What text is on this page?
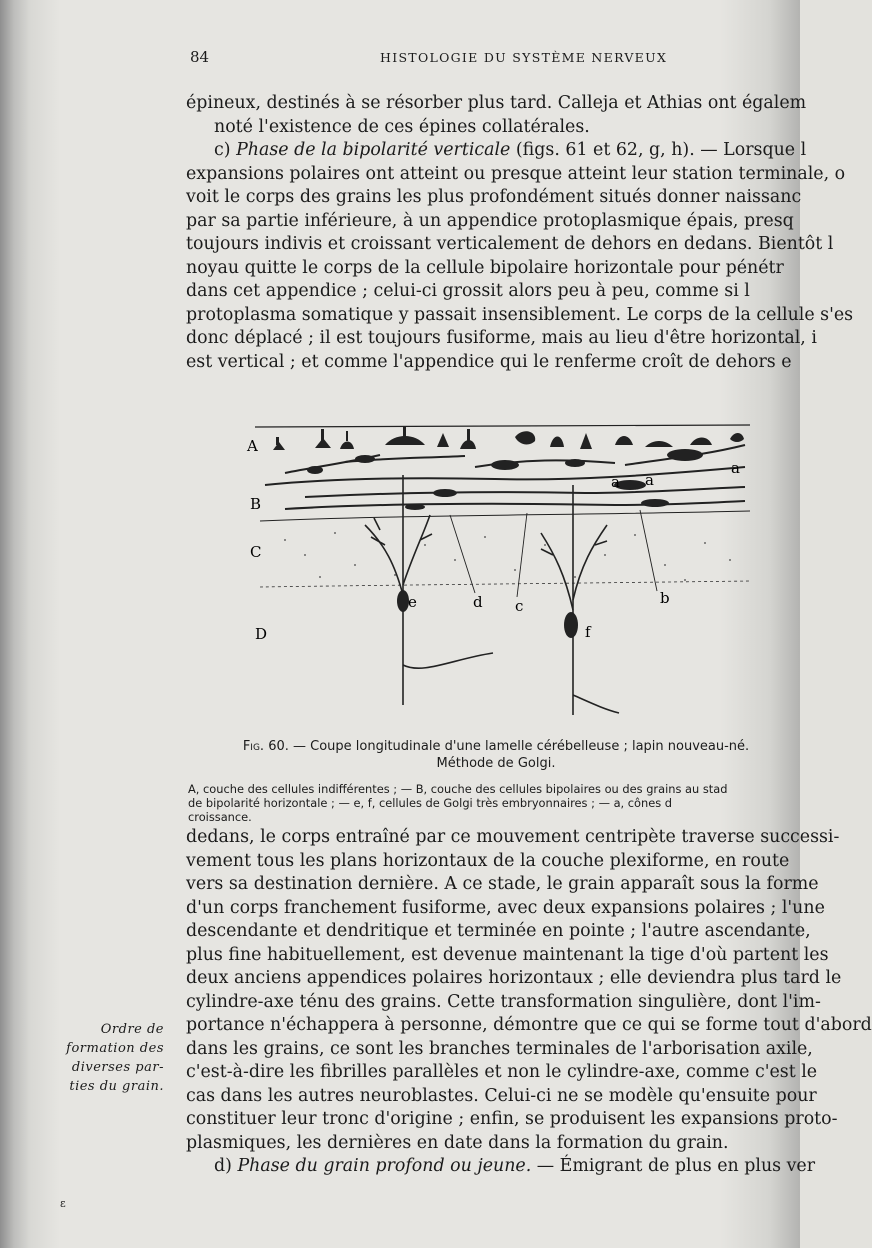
84	HISTOLOGIE DU SYSTÈME NERVEUX
épineux, destinés à se résorber plus tard. Calleja et Athias ont égalem
noté l'existence de ces épines collatérales.
c) Phase de la bipolarité verticale (figs. 61 et 62, g, h). — Lorsque l
expansions polaires ont atteint ou presque atteint leur station terminale, o
voit le corps des grains les plus profondément situés donner naissanc
par sa partie inférieure, à un appendice protoplasmique épais, presq
toujours indivis et croissant verticalement de dehors en dedans. Bientôt l
noyau quitte le corps de la cellule bipolaire horizontale pour pénétr
dans cet appendice ; celui-ci grossit alors peu à peu, comme si l
protoplasma somatique y passait insensiblement. Le corps de la cellule s'es
donc déplacé ; il est toujours fusiforme, mais au lieu d'être horizontal, i
est vertical ; et comme l'appendice qui le renferme croît de dehors e
A
B
C
D
a
a a
d c	b
e
f
Fig. 60. — Coupe longitudinale d'une lamelle cérébelleuse ; lapin nouveau-né.
Méthode de Golgi.
A, couche des cellules indifférentes ; — B, couche des cellules bipolaires ou des grains au stad
de bipolarité horizontale ; — e, f, cellules de Golgi très embryonnaires ; — a, cônes d
croissance.
dedans, le corps entraîné par ce mouvement centripète traverse successi-
vement tous les plans horizontaux de la couche plexiforme, en route
vers sa destination dernière. A ce stade, le grain apparaît sous la forme
d'un corps franchement fusiforme, avec deux expansions polaires ; l'une
descendante et dendritique et terminée en pointe ; l'autre ascendante,
plus fine habituellement, est devenue maintenant la tige d'où partent les
deux anciens appendices polaires horizontaux ; elle deviendra plus tard le
cylindre-axe ténu des grains. Cette transformation singulière, dont l'im-
portance n'échappera à personne, démontre que ce qui se forme tout d'abord
dans les grains, ce sont les branches terminales de l'arborisation axile,
c'est-à-dire les fibrilles parallèles et non le cylindre-axe, comme c'est le
cas dans les autres neuroblastes. Celui-ci ne se modèle qu'ensuite pour
constituer leur tronc d'origine ; enfin, se produisent les expansions proto-
plasmiques, les dernières en date dans la formation du grain.
d) Phase du grain profond ou jeune. — Émigrant de plus en plus ver
Ordre de
formation des
diverses par-
ties du grain.
ɛ
